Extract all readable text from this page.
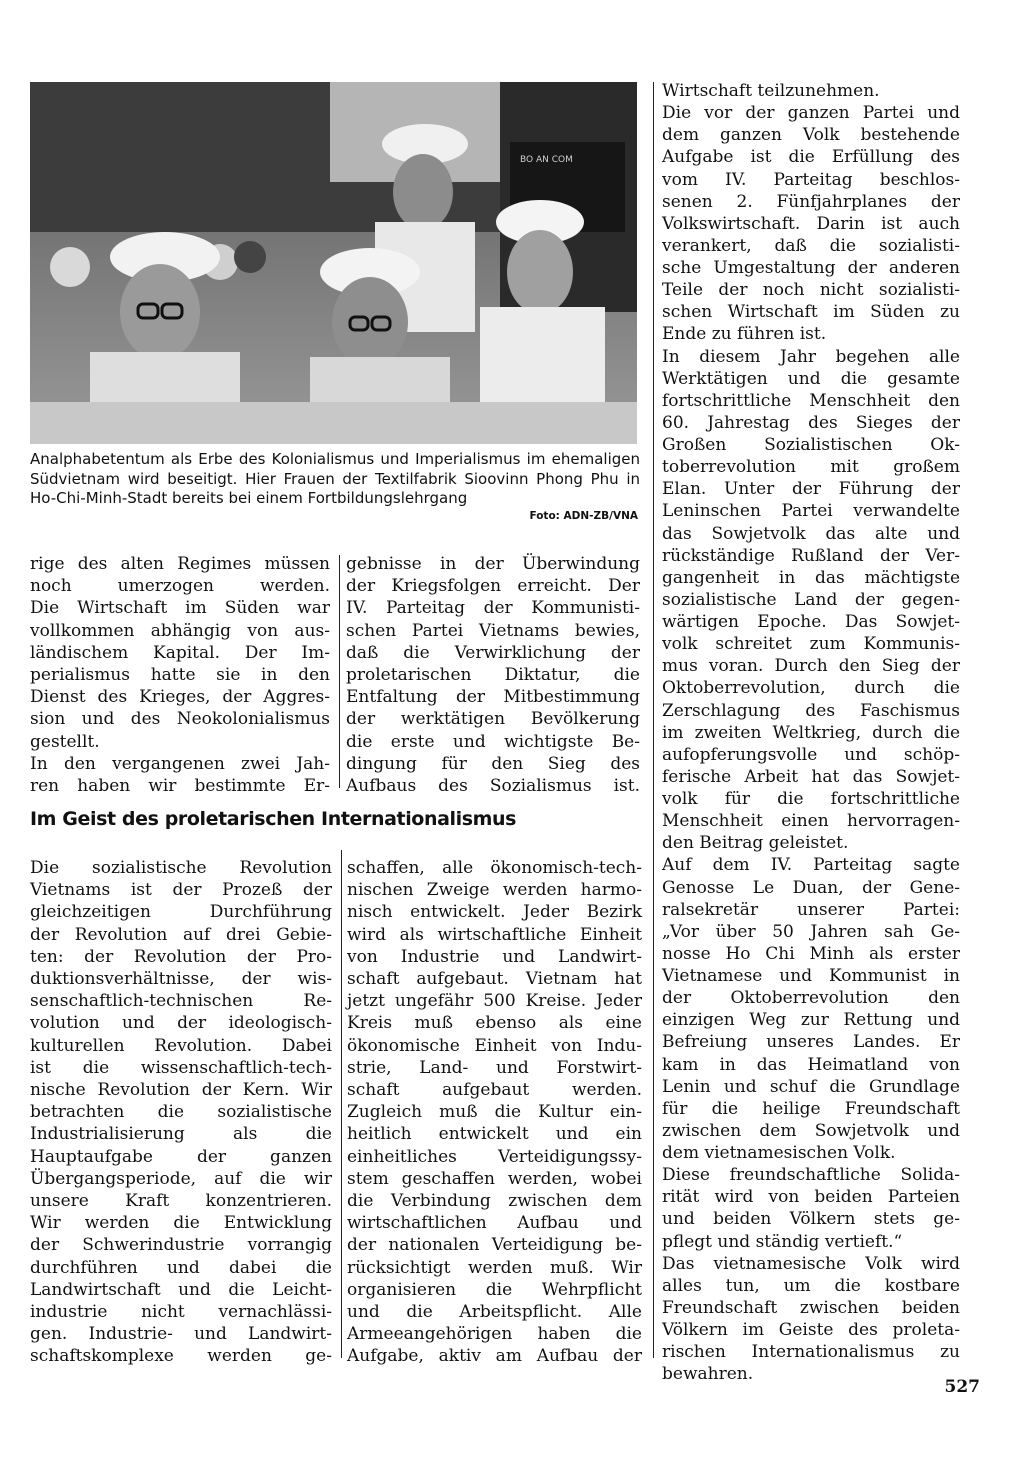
BO AN COM
Analphabetentum als Erbe des Kolonialismus und Imperialismus im ehemaligen Südvietnam wird beseitigt. Hier Frauen der Textilfabrik Sioovinn Phong Phu in Ho-Chi-Minh-Stadt bereits bei einem Fortbildungslehrgang
Foto: ADN-ZB/VNA
rige des alten Regimes müssen
noch umerzogen werden.
Die Wirtschaft im Süden war
vollkommen abhängig von aus-
ländischem Kapital. Der Im-
perialismus hatte sie in den
Dienst des Krieges, der Aggres-
sion und des Neokolonialismus
gestellt.
In den vergangenen zwei Jah-
ren haben wir bestimmte Er-
gebnisse in der Überwindung
der Kriegsfolgen erreicht. Der
IV. Parteitag der Kommunisti-
schen Partei Vietnams bewies,
daß die Verwirklichung der
proletarischen Diktatur, die
Entfaltung der Mitbestimmung
der werktätigen Bevölkerung
die erste und wichtigste Be-
dingung für den Sieg des
Aufbaus des Sozialismus ist.
Im Geist des proletarischen Internationalismus
Die sozialistische Revolution
Vietnams ist der Prozeß der
gleichzeitigen Durchführung
der Revolution auf drei Gebie-
ten: der Revolution der Pro-
duktionsverhältnisse, der wis-
senschaftlich-technischen Re-
volution und der ideologisch-
kulturellen Revolution. Dabei
ist die wissenschaftlich-tech-
nische Revolution der Kern. Wir
betrachten die sozialistische
Industrialisierung als die
Hauptaufgabe der ganzen
Übergangsperiode, auf die wir
unsere Kraft konzentrieren.
Wir werden die Entwicklung
der Schwerindustrie vorrangig
durchführen und dabei die
Landwirtschaft und die Leicht-
industrie nicht vernachlässi-
gen. Industrie- und Landwirt-
schaftskomplexe werden ge-
schaffen, alle ökonomisch-tech-
nischen Zweige werden harmo-
nisch entwickelt. Jeder Bezirk
wird als wirtschaftliche Einheit
von Industrie und Landwirt-
schaft aufgebaut. Vietnam hat
jetzt ungefähr 500 Kreise. Jeder
Kreis muß ebenso als eine
ökonomische Einheit von Indu-
strie, Land- und Forstwirt-
schaft aufgebaut werden.
Zugleich muß die Kultur ein-
heitlich entwickelt und ein
einheitliches Verteidigungssy-
stem geschaffen werden, wobei
die Verbindung zwischen dem
wirtschaftlichen Aufbau und
der nationalen Verteidigung be-
rücksichtigt werden muß. Wir
organisieren die Wehrpflicht
und die Arbeitspflicht. Alle
Armeeangehörigen haben die
Aufgabe, aktiv am Aufbau der
Wirtschaft teilzunehmen.
Die vor der ganzen Partei und
dem ganzen Volk bestehende
Aufgabe ist die Erfüllung des
vom IV. Parteitag beschlos-
senen 2. Fünfjahrplanes der
Volkswirtschaft. Darin ist auch
verankert, daß die sozialisti-
sche Umgestaltung der anderen
Teile der noch nicht sozialisti-
schen Wirtschaft im Süden zu
Ende zu führen ist.
In diesem Jahr begehen alle
Werktätigen und die gesamte
fortschrittliche Menschheit den
60. Jahrestag des Sieges der
Großen Sozialistischen Ok-
toberrevolution mit großem
Elan. Unter der Führung der
Leninschen Partei verwandelte
das Sowjetvolk das alte und
rückständige Rußland der Ver-
gangenheit in das mächtigste
sozialistische Land der gegen-
wärtigen Epoche. Das Sowjet-
volk schreitet zum Kommunis-
mus voran. Durch den Sieg der
Oktoberrevolution, durch die
Zerschlagung des Faschismus
im zweiten Weltkrieg, durch die
aufopferungsvolle und schöp-
ferische Arbeit hat das Sowjet-
volk für die fortschrittliche
Menschheit einen hervorragen-
den Beitrag geleistet.
Auf dem IV. Parteitag sagte
Genosse Le Duan, der Gene-
ralsekretär unserer Partei:
„Vor über 50 Jahren sah Ge-
nosse Ho Chi Minh als erster
Vietnamese und Kommunist in
der Oktoberrevolution den
einzigen Weg zur Rettung und
Befreiung unseres Landes. Er
kam in das Heimatland von
Lenin und schuf die Grundlage
für die heilige Freundschaft
zwischen dem Sowjetvolk und
dem vietnamesischen Volk.
Diese freundschaftliche Solida-
rität wird von beiden Parteien
und beiden Völkern stets ge-
pflegt und ständig vertieft.“
Das vietnamesische Volk wird
alles tun, um die kostbare
Freundschaft zwischen beiden
Völkern im Geiste des proleta-
rischen Internationalismus zu
bewahren.
527
